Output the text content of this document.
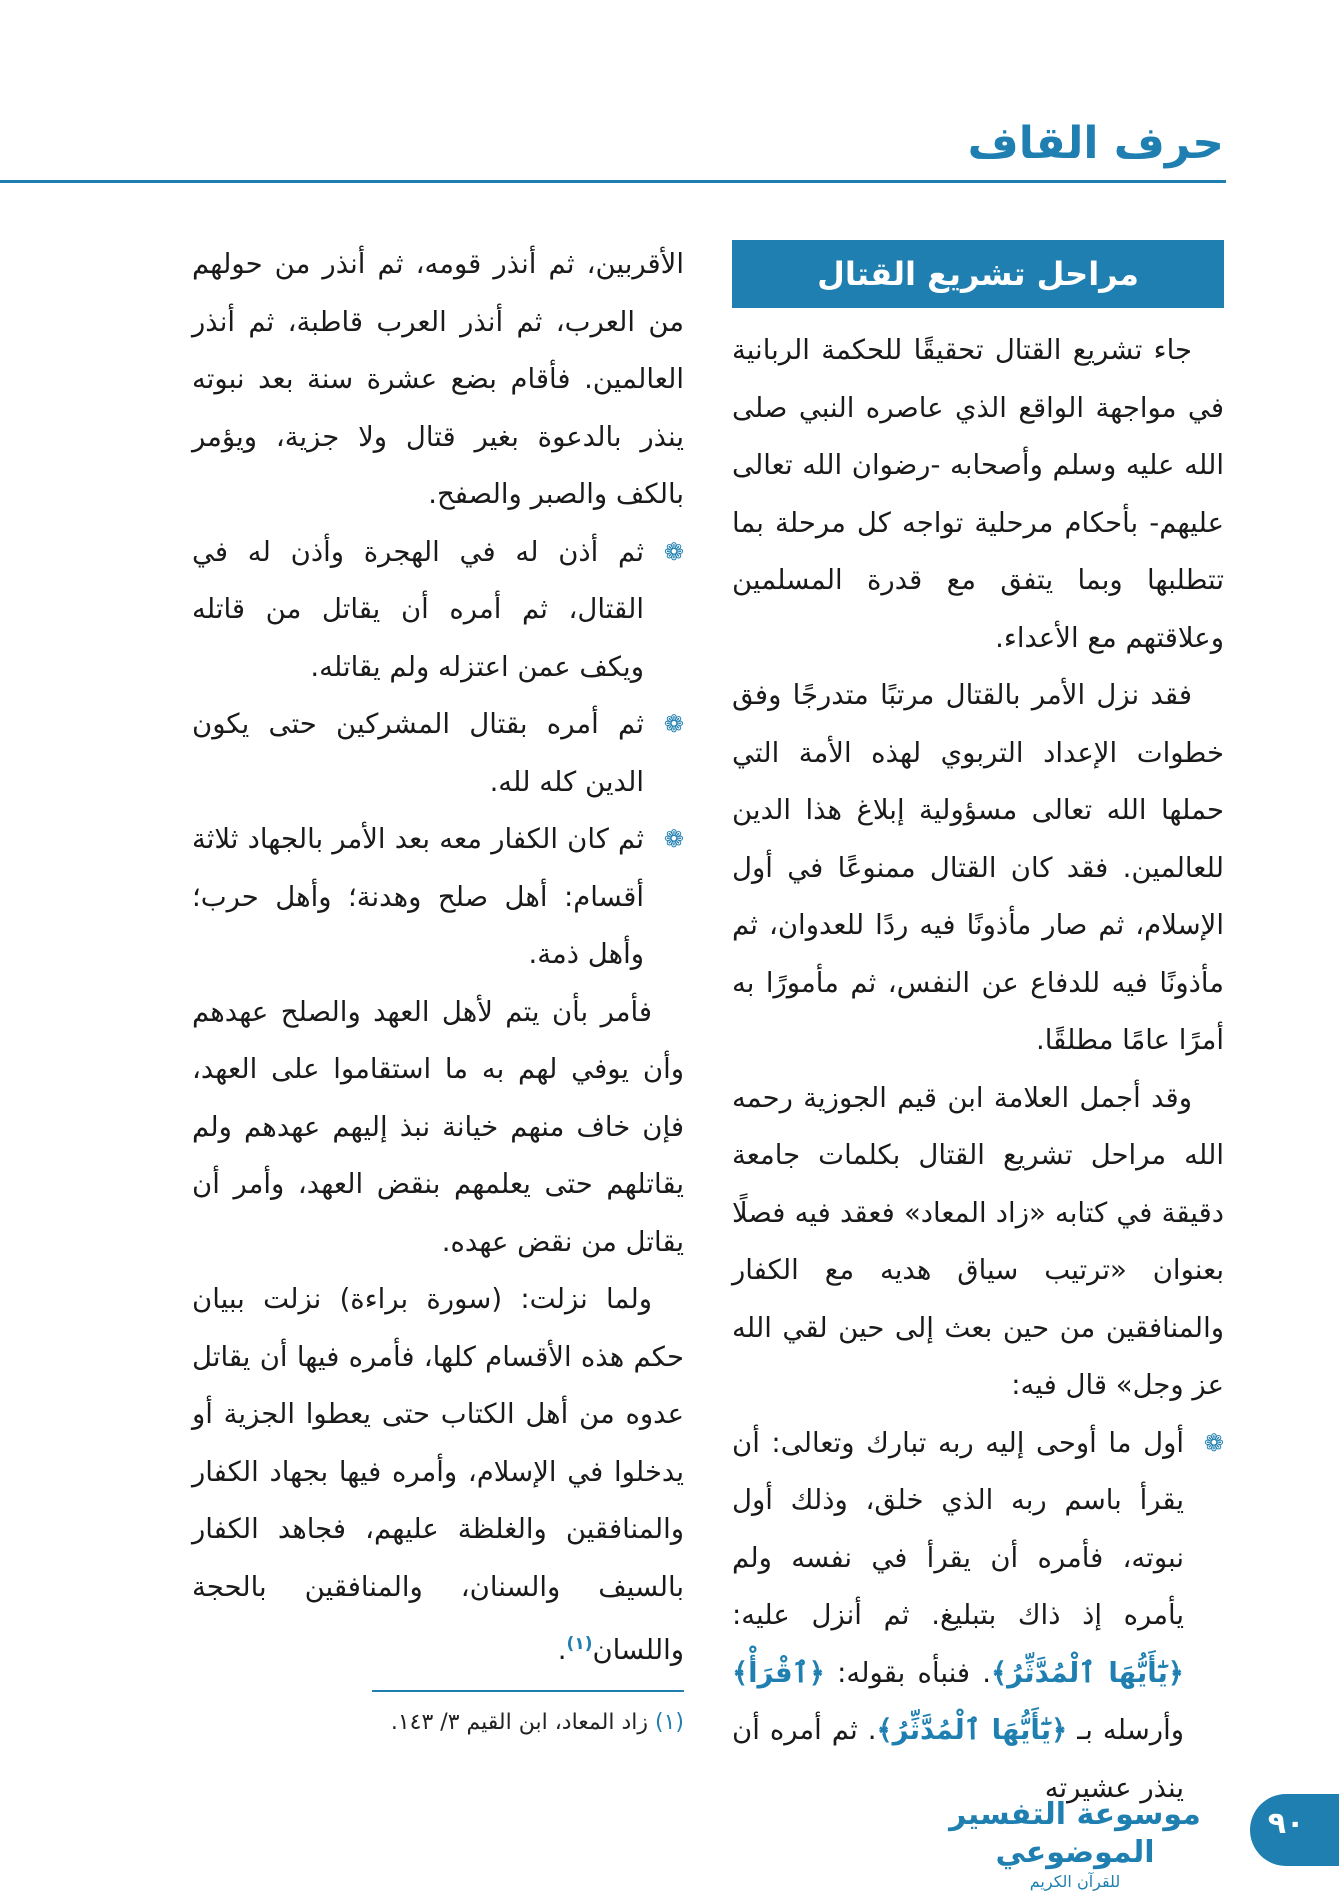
حرف القاف
مراحل تشريع القتال

جاء تشريع القتال تحقيقًا للحكمة الربانية في مواجهة الواقع الذي عاصره النبي صلى الله عليه وسلم وأصحابه -رضوان الله تعالى عليهم- بأحكام مرحلية تواجه كل مرحلة بما تتطلبها وبما يتفق مع قدرة المسلمين وعلاقتهم مع الأعداء.

فقد نزل الأمر بالقتال مرتبًا متدرجًا وفق خطوات الإعداد التربوي لهذه الأمة التي حملها الله تعالى مسؤولية إبلاغ هذا الدين للعالمين. فقد كان القتال ممنوعًا في أول الإسلام، ثم صار مأذونًا فيه ردًا للعدوان، ثم مأذونًا فيه للدفاع عن النفس، ثم مأمورًا به أمرًا عامًا مطلقًا.

وقد أجمل العلامة ابن قيم الجوزية رحمه الله مراحل تشريع القتال بكلمات جامعة دقيقة في كتابه «زاد المعاد» فعقد فيه فصلًا بعنوان «ترتيب سياق هديه مع الكفار والمنافقين من حين بعث إلى حين لقي الله عز وجل» قال فيه:

❁
أول ما أوحى إليه ربه تبارك وتعالى: أن يقرأ باسم ربه الذي خلق، وذلك أول نبوته، فأمره أن يقرأ في نفسه ولم يأمره إذ ذاك بتبليغ. ثم أنزل عليه: ﴿يَٰٓأَيُّهَا ٱلْمُدَّثِّرُ﴾. فنبأه بقوله: ﴿ٱقْرَأْ﴾ وأرسله بـ ﴿يَٰٓأَيُّهَا ٱلْمُدَّثِّرُ﴾. ثم أمره أن ينذر عشيرته

الأقربين، ثم أنذر قومه، ثم أنذر من حولهم من العرب، ثم أنذر العرب قاطبة، ثم أنذر العالمين. فأقام بضع عشرة سنة بعد نبوته ينذر بالدعوة بغير قتال ولا جزية، ويؤمر بالكف والصبر والصفح.

❁
ثم أذن له في الهجرة وأذن له في القتال، ثم أمره أن يقاتل من قاتله ويكف عمن اعتزله ولم يقاتله.

❁
ثم أمره بقتال المشركين حتى يكون الدين كله لله.

❁
ثم كان الكفار معه بعد الأمر بالجهاد ثلاثة أقسام: أهل صلح وهدنة؛ وأهل حرب؛ وأهل ذمة.

فأمر بأن يتم لأهل العهد والصلح عهدهم وأن يوفي لهم به ما استقاموا على العهد، فإن خاف منهم خيانة نبذ إليهم عهدهم ولم يقاتلهم حتى يعلمهم بنقض العهد، وأمر أن يقاتل من نقض عهده.

ولما نزلت: (سورة براءة) نزلت ببيان حكم هذه الأقسام كلها، فأمره فيها أن يقاتل عدوه من أهل الكتاب حتى يعطوا الجزية أو يدخلوا في الإسلام، وأمره فيها بجهاد الكفار والمنافقين والغلظة عليهم، فجاهد الكفار بالسيف والسنان، والمنافقين بالحجة واللسان$^{(١)}$.

(١) زاد المعاد، ابن القيم ٣/ ١٤٣.
موسوعة التفسير الموضوعي
للقرآن الكريم
٩٠
